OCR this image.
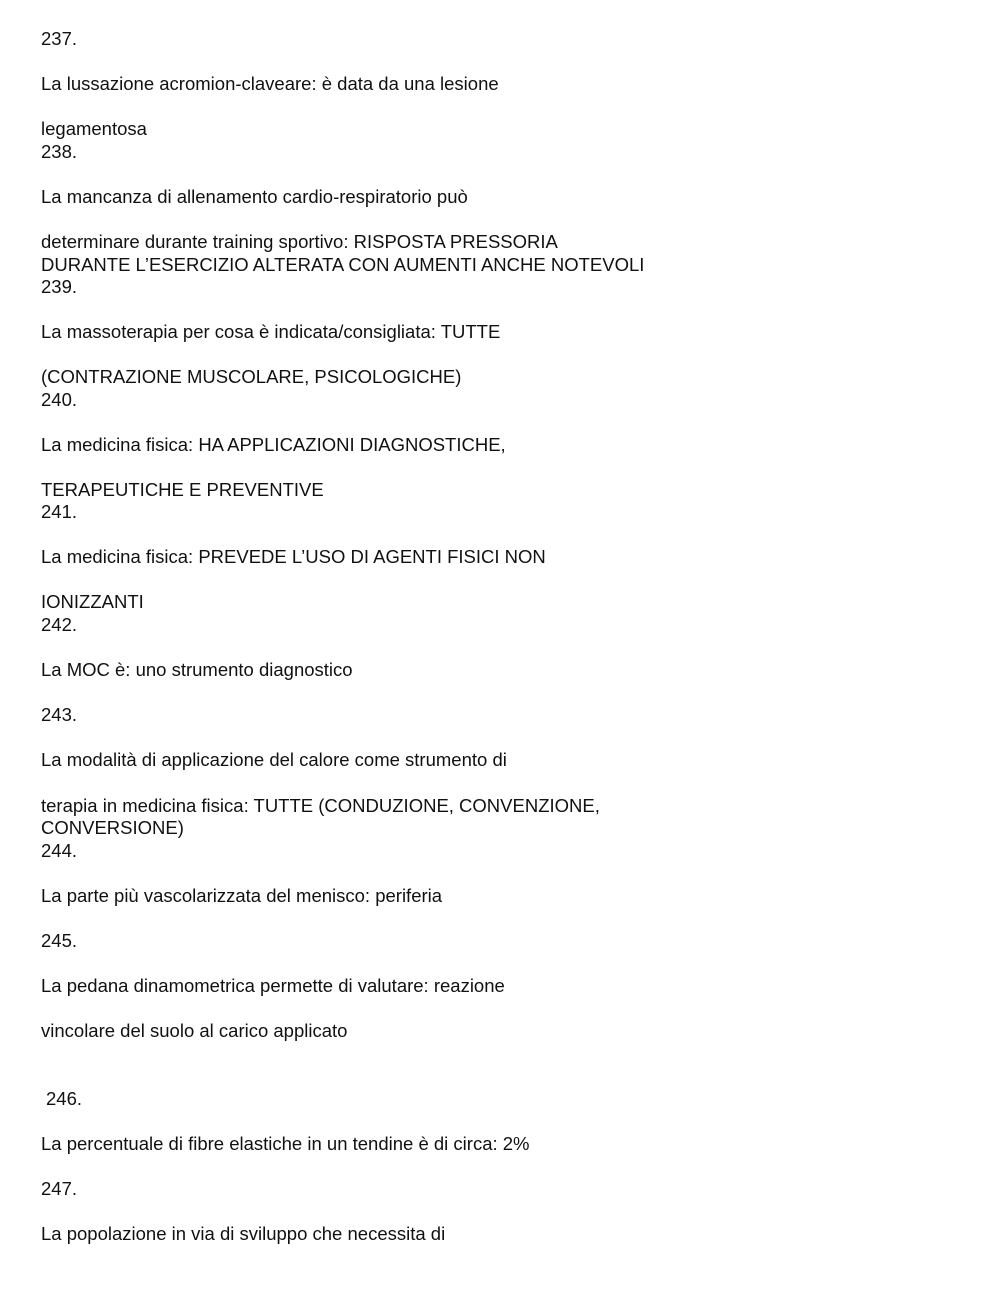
237.
La lussazione acromion-claveare: è data da una lesione
legamentosa
238.
La mancanza di allenamento cardio-respiratorio può
determinare durante training sportivo: RISPOSTA PRESSORIA
DURANTE L’ESERCIZIO ALTERATA CON AUMENTI ANCHE NOTEVOLI
239.
La massoterapia per cosa è indicata/consigliata: TUTTE
(CONTRAZIONE MUSCOLARE, PSICOLOGICHE)
240.
La medicina fisica: HA APPLICAZIONI DIAGNOSTICHE,
TERAPEUTICHE E PREVENTIVE
241.
La medicina fisica: PREVEDE L’USO DI AGENTI FISICI NON
IONIZZANTI
242.
La MOC è: uno strumento diagnostico
243.
La modalità di applicazione del calore come strumento di
terapia in medicina fisica: TUTTE (CONDUZIONE, CONVENZIONE,
CONVERSIONE)
244.
La parte più vascolarizzata del menisco: periferia
245.
La pedana dinamometrica permette di valutare: reazione
vincolare del suolo al carico applicato
246.
La percentuale di fibre elastiche in un tendine è di circa: 2%
247.
La popolazione in via di sviluppo che necessita di
